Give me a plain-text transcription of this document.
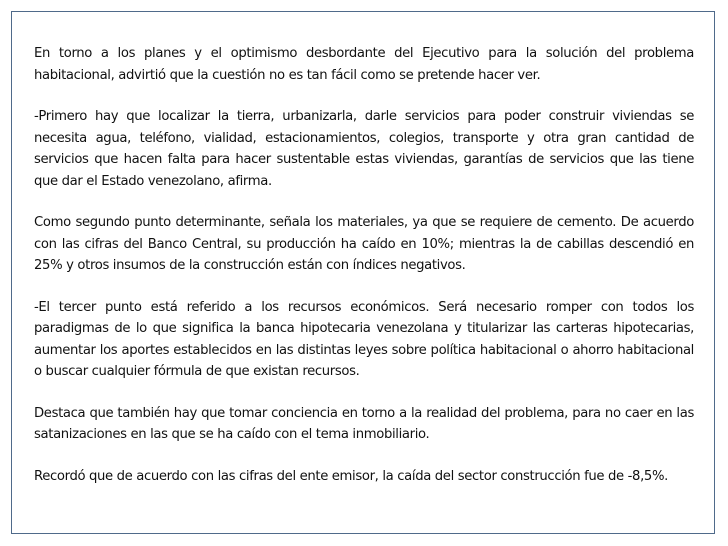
En torno a los planes y el optimismo desbordante del Ejecutivo para la solución del problema habitacional, advirtió que la cuestión no es tan fácil como se pretende hacer ver.

-Primero hay que localizar la tierra, urbanizarla, darle servicios para poder construir viviendas se necesita agua, teléfono, vialidad, estacionamientos, colegios, transporte y otra gran cantidad de servicios que hacen falta para hacer sustentable estas viviendas, garantías de servicios que las tiene que dar el Estado venezolano, afirma.

Como segundo punto determinante, señala los materiales, ya que se requiere de cemento. De acuerdo con las cifras del Banco Central, su producción ha caído en 10%; mientras la de cabillas descendió en 25% y otros insumos de la construcción están con índices negativos.

-El tercer punto está referido a los recursos económicos. Será necesario romper con todos los paradigmas de lo que significa la banca hipotecaria venezolana y titularizar las carteras hipotecarias, aumentar los aportes establecidos en las distintas leyes sobre política habitacional o ahorro habitacional o buscar cualquier fórmula de que existan recursos.

Destaca que también hay que tomar conciencia en torno a la realidad del problema, para no caer en las satanizaciones en las que se ha caído con el tema inmobiliario.

Recordó que de acuerdo con las cifras del ente emisor, la caída del sector construcción fue de -8,5%.
